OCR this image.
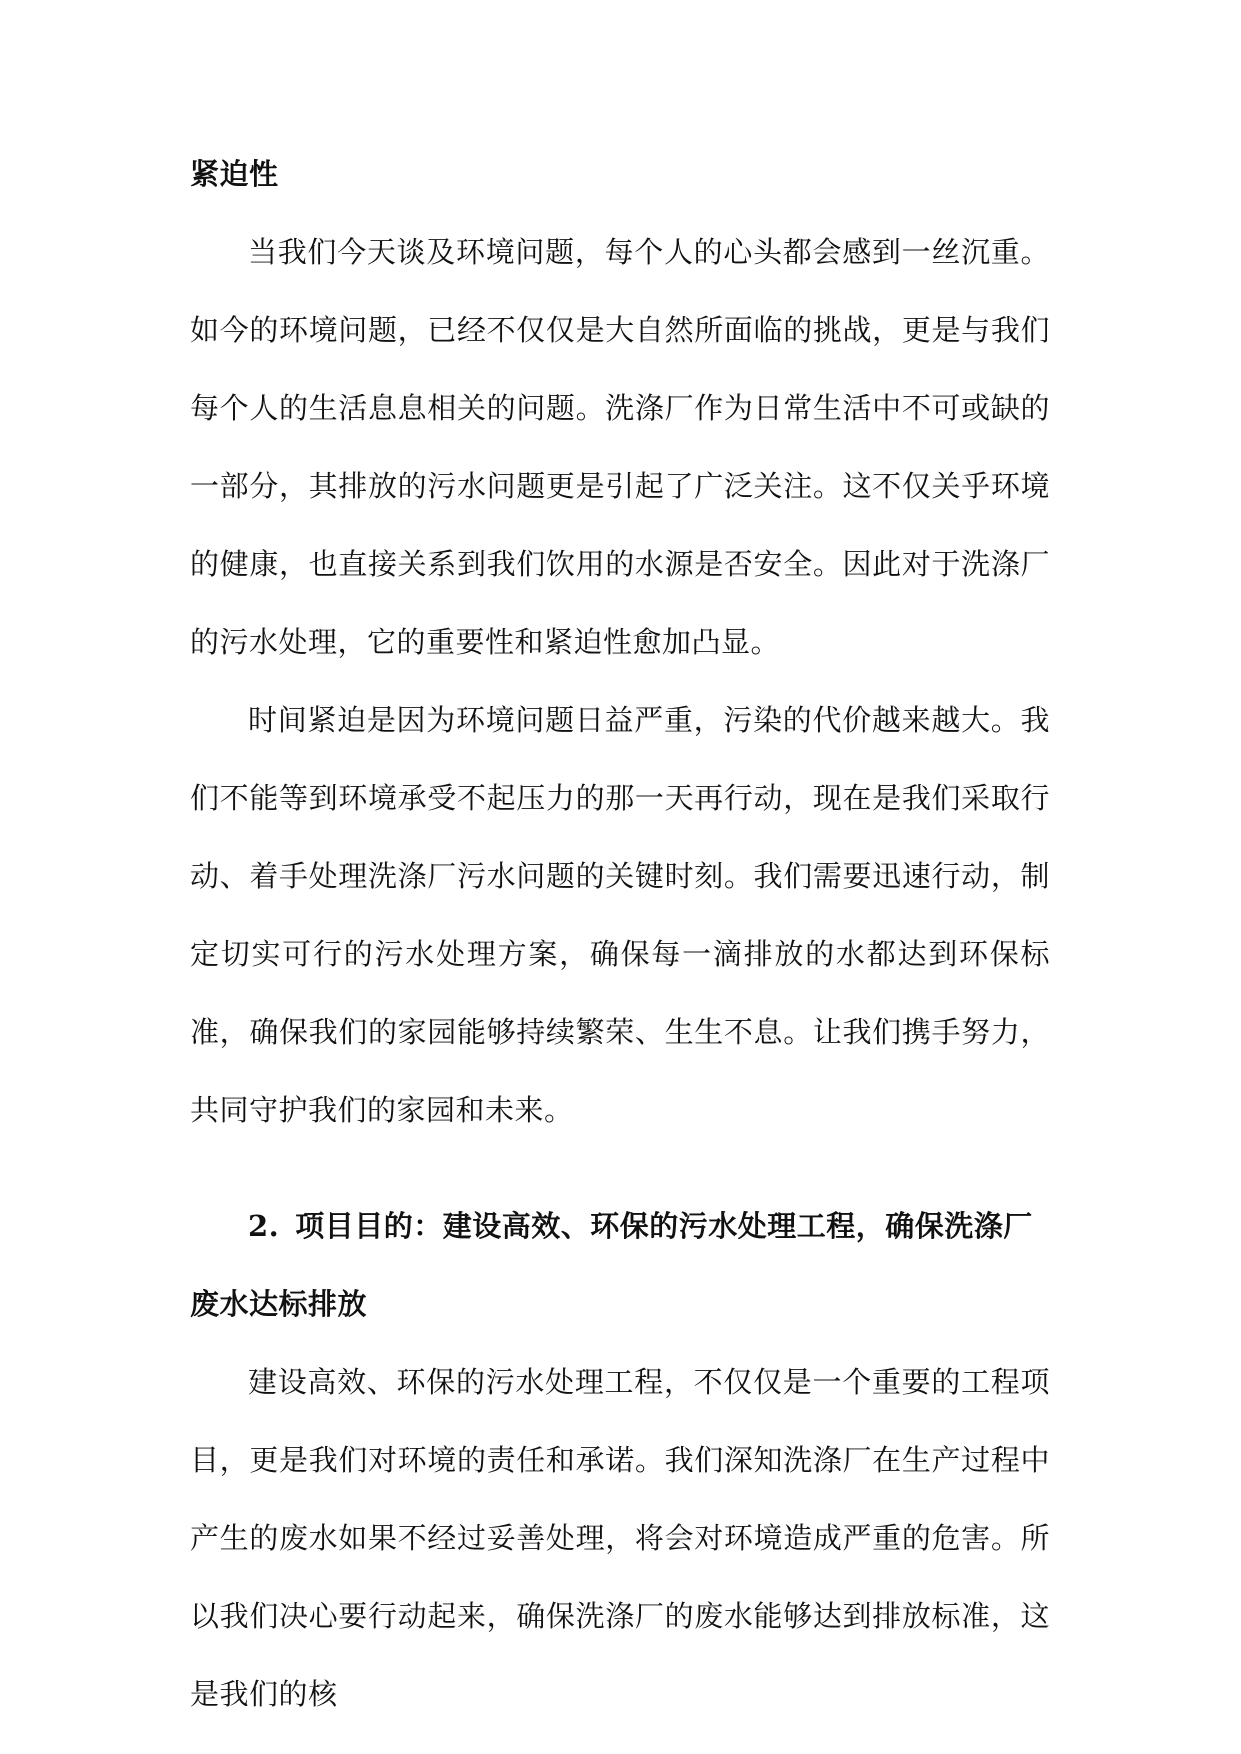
紧迫性

当我们今天谈及环境问题，每个人的心头都会感到一丝沉重。如今的环境问题，已经不仅仅是大自然所面临的挑战，更是与我们每个人的生活息息相关的问题。洗涤厂作为日常生活中不可或缺的一部分，其排放的污水问题更是引起了广泛关注。这不仅关乎环境的健康，也直接关系到我们饮用的水源是否安全。因此对于洗涤厂的污水处理，它的重要性和紧迫性愈加凸显。

时间紧迫是因为环境问题日益严重，污染的代价越来越大。我们不能等到环境承受不起压力的那一天再行动，现在是我们采取行动、着手处理洗涤厂污水问题的关键时刻。我们需要迅速行动，制定切实可行的污水处理方案，确保每一滴排放的水都达到环保标准，确保我们的家园能够持续繁荣、生生不息。让我们携手努力，共同守护我们的家园和未来。

2. 项目目的：建设高效、环保的污水处理工程，确保洗涤厂废水达标排放

建设高效、环保的污水处理工程，不仅仅是一个重要的工程项目，更是我们对环境的责任和承诺。我们深知洗涤厂在生产过程中产生的废水如果不经过妥善处理，将会对环境造成严重的危害。所以我们决心要行动起来，确保洗涤厂的废水能够达到排放标准，这是我们的核
